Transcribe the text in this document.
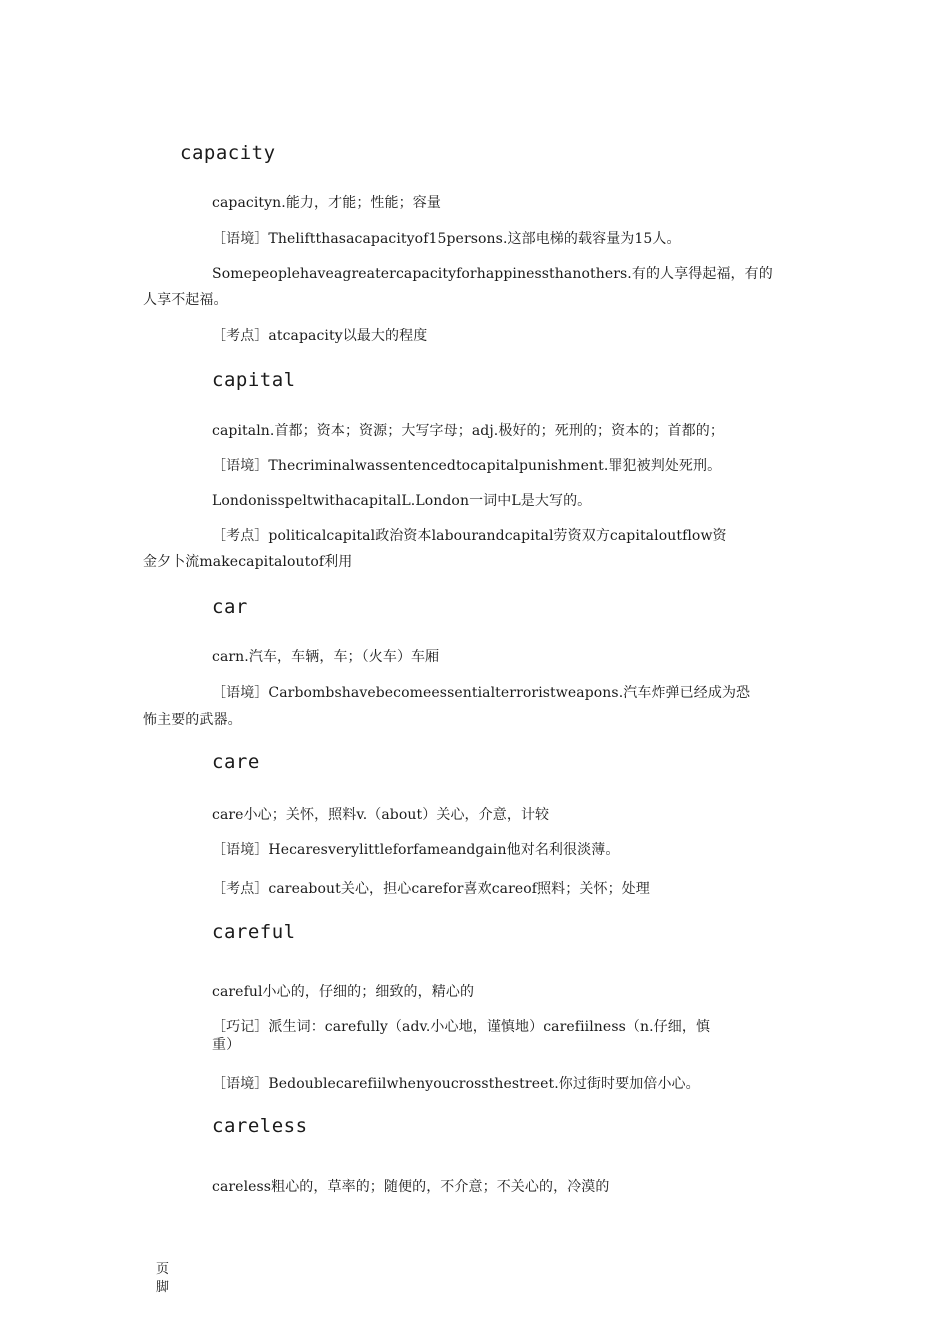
capacity
capacityn.能力，才能；性能；容量
［语境］Theliftthasacapacityof15persons.这部电梯的载容量为15人。
Somepeoplehaveagreatercapacityforhappinessthanothers.有的人享得起福，有的
人享不起福。
［考点］atcapacity以最大的程度
capital
capitaln.首都；资本；资源；大写字母；adj.极好的；死刑的；资本的；首都的；
［语境］Thecriminalwassentencedtocapitalpunishment.罪犯被判处死刑。
LondonisspeltwithacapitalL.London一词中L是大写的。
［考点］politicalcapital政治资本labourandcapital劳资双方capitaloutflow资
金夕卜流makecapitaloutof利用
car
carn.汽车，车辆，车；（火车）车厢
［语境］Carbombshavebecomeessentialterroristweapons.汽车炸弹已经成为恐
怖主要的武器。
care
care小心；关怀，照料v.（about）关心，介意，计较
［语境］Hecaresverylittleforfameandgain他对名利很淡薄。
［考点］careabout关心，担心carefor喜欢careof照料；关怀；处理
careful
careful小心的，仔细的；细致的，精心的
［巧记］派生词：carefully（adv.小心地，谨慎地）carefiilness（n.仔细，慎
重）
［语境］Bedoublecarefiilwhenyoucrossthestreet.你过街时要加倍小心。
careless
careless粗心的，草率的；随便的，不介意；不关心的，冷漠的
页脚
